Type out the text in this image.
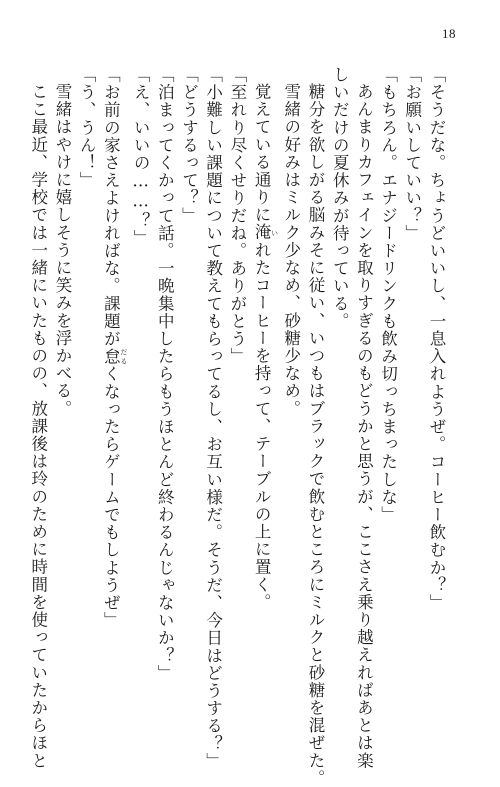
18
「そうだな。ちょうどいいし、一息入れようぜ。コーヒー飲むか？」
「お願いしていい？」
「もちろん。エナジードリンクも飲み切っちまったしな」
あんまりカフェインを取りすぎるのもどうかと思うが、ここさえ乗り越えればあとは楽
しいだけの夏休みが待っている。
糖分を欲しがる脳みそに従い、いつもはブラックで飲むところにミルクと砂糖を混ぜた。
雪緒の好みはミルク少なめ、砂糖少なめ。
覚えている通りに淹 いれたコーヒーを持って、テーブルの上に置く。
「至れり尽くせりだね。ありがとう」
「小難しい課題について教えてもらってるし、お互い様だ。そうだ、今日はどうする？」
「どうするって？」
「泊まってくかって話。一晩集中したらもうほとんど終わるんじゃないか？」
「え、いいの……？」
「お前の家さえよければな。課題が怠 だるくなったらゲームでもしようぜ」
「う、うん！」
雪緒はやけに嬉しそうに笑みを浮かべる。
ここ最近、学校では一緒にいたものの、放課後は玲のために時間を使っていたからほと
